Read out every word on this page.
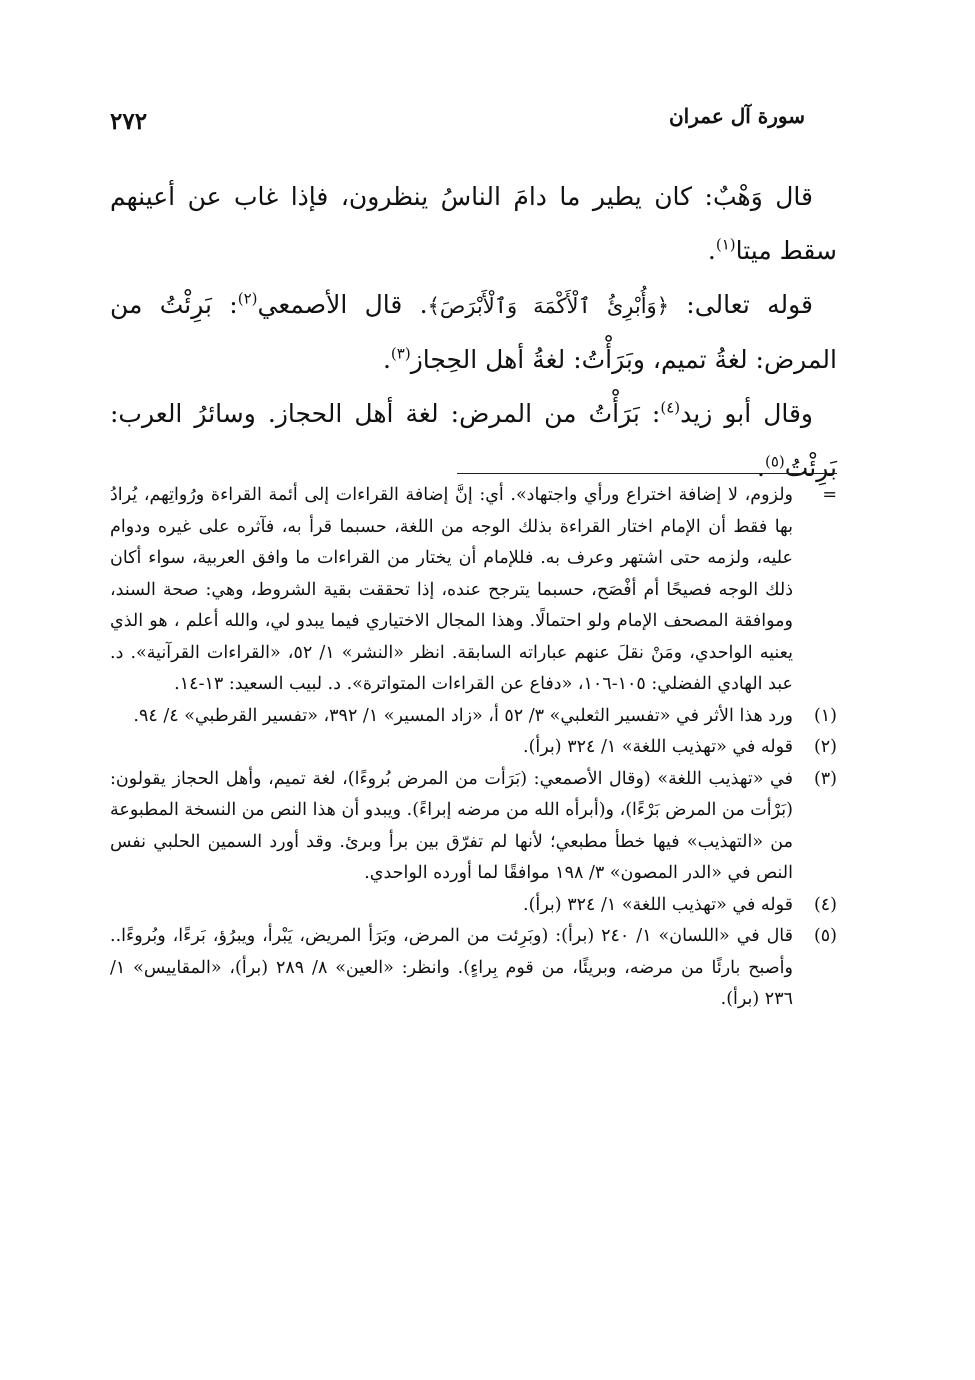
٢٧٢	سورة آل عمران

قال وَهْبٌ: كان يطير ما دامَ الناسُ ينظرون، فإذا غاب عن أعينهم سقط ميتا$^{(١)}$.

قوله تعالى: ﴿وَأُبْرِئُ ٱلْأَكْمَهَ وَٱلْأَبْرَصَ﴾. قال الأصمعي$^{(٢)}$: بَرِئْتُ من المرض: لغةُ تميم، وبَرَأْتُ: لغةُ أهل الحِجاز$^{(٣)}$.

وقال أبو زيد$^{(٤)}$: بَرَأْتُ من المرض: لغة أهل الحجاز. وسائرُ العرب: بَرِئْتُ$^{(٥)}$.

=
ولزوم، لا إضافة اختراع ورأي واجتهاد». أي: إنَّ إضافة القراءات إلى أئمة القراءة ورُواتِهم، يُرادُ بها فقط أن الإمام اختار القراءة بذلك الوجه من اللغة، حسبما قرأ به، فآثره على غيره ودوام عليه، ولزمه حتى اشتهر وعرف به. فللإمام أن يختار من القراءات ما وافق العربية، سواء أكان ذلك الوجه فصيحًا أم أفْصَح، حسبما يترجح عنده، إذا تحققت بقية الشروط، وهي: صحة السند، وموافقة المصحف الإمام ولو احتمالًا. وهذا المجال الاختياري فيما يبدو لي، والله أعلم ، هو الذي يعنيه الواحدي، ومَنْ نقلَ عنهم عباراته السابقة. انظر «النشر» ١/ ٥٢، «القراءات القرآنية». د. عبد الهادي الفضلي: ١٠٥-١٠٦، «دفاع عن القراءات المتواترة». د. لبيب السعيد: ١٣-١٤.
(١)
ورد هذا الأثر في «تفسير الثعلبي» ٣/ ٥٢ أ، «زاد المسير» ١/ ٣٩٢، «تفسير القرطبي» ٤/ ٩٤.
(٢)
قوله في «تهذيب اللغة» ١/ ٣٢٤ (برأ).
(٣)
في «تهذيب اللغة» (وقال الأصمعي: (بَرَأت من المرض بُروءًا)، لغة تميم، وأهل الحجاز يقولون: (بَرْأت من المرض بَرْءًا)، و(أبرأه الله من مرضه إبراءً). ويبدو أن هذا النص من النسخة المطبوعة من «التهذيب» فيها خطأ مطبعي؛ لأنها لم تفرّق بين برأ وبرئ. وقد أورد السمين الحلبي نفس النص في «الدر المصون» ٣/ ١٩٨ موافقًا لما أورده الواحدي.
(٤)
قوله في «تهذيب اللغة» ١/ ٣٢٤ (برأ).
(٥)
قال في «اللسان» ١/ ٢٤٠ (برأ): (وبَرِئت من المرض، وبَرَأ المريض، يَبْرأ، ويبرُؤ، بَرءًا، وبُروءًا.. وأصبح بارئًا من مرضه، وبريئًا، من قوم بِراءٍ). وانظر: «العين» ٨/ ٢٨٩ (برأ)، «المقاييس» ١/ ٢٣٦ (برأ).
